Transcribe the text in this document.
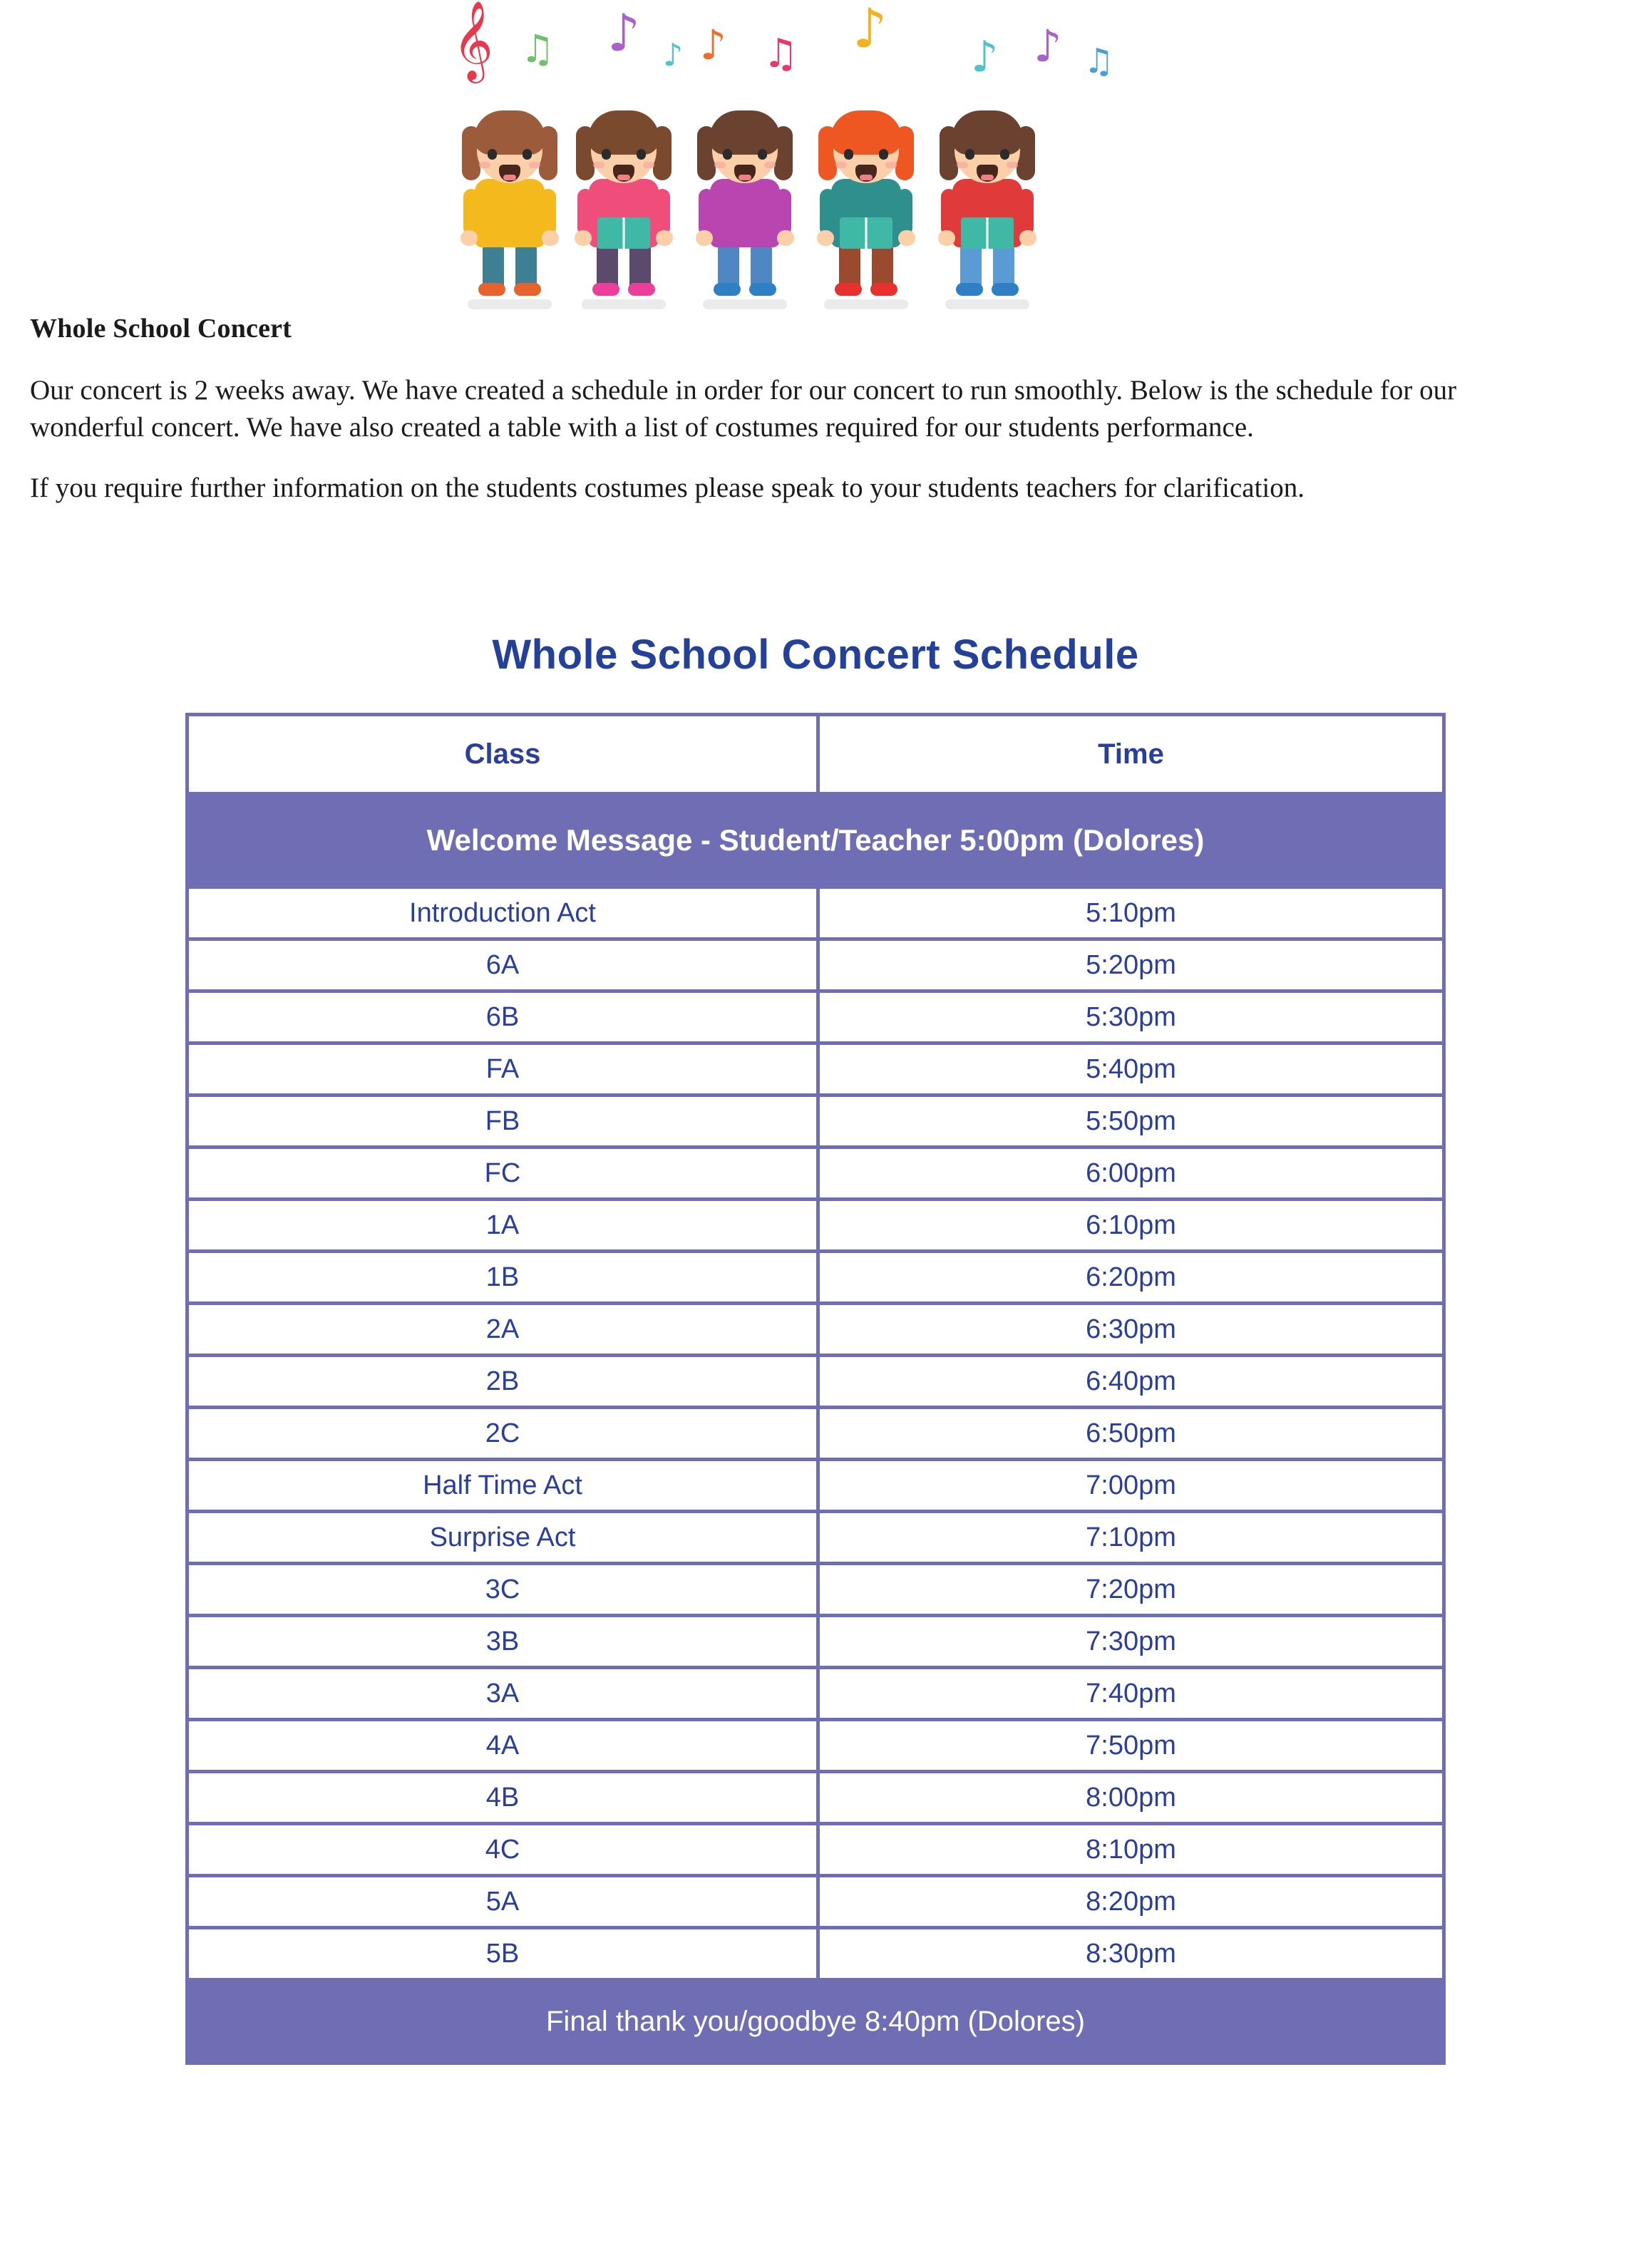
𝄞 ♫ ♪ ♪ ♪ ♫ ♪ ♪ ♪ ♫
Whole School Concert

Our concert is 2 weeks away. We have created a schedule in order for our concert to run smoothly. Below is the schedule for our wonderful concert. We have also created a table with a list of costumes required for our students performance.

If you require further information on the students costumes please speak to your students teachers for clarification.

Whole School Concert Schedule
Class	Time
Welcome Message - Student/Teacher 5:00pm (Dolores)	
Introduction Act	5:10pm
6A	5:20pm
6B	5:30pm
FA	5:40pm
FB	5:50pm
FC	6:00pm
1A	6:10pm
1B	6:20pm
2A	6:30pm
2B	6:40pm
2C	6:50pm
Half Time Act	7:00pm
Surprise Act	7:10pm
3C	7:20pm
3B	7:30pm
3A	7:40pm
4A	7:50pm
4B	8:00pm
4C	8:10pm
5A	8:20pm
5B	8:30pm
Final thank you/goodbye 8:40pm (Dolores)	
